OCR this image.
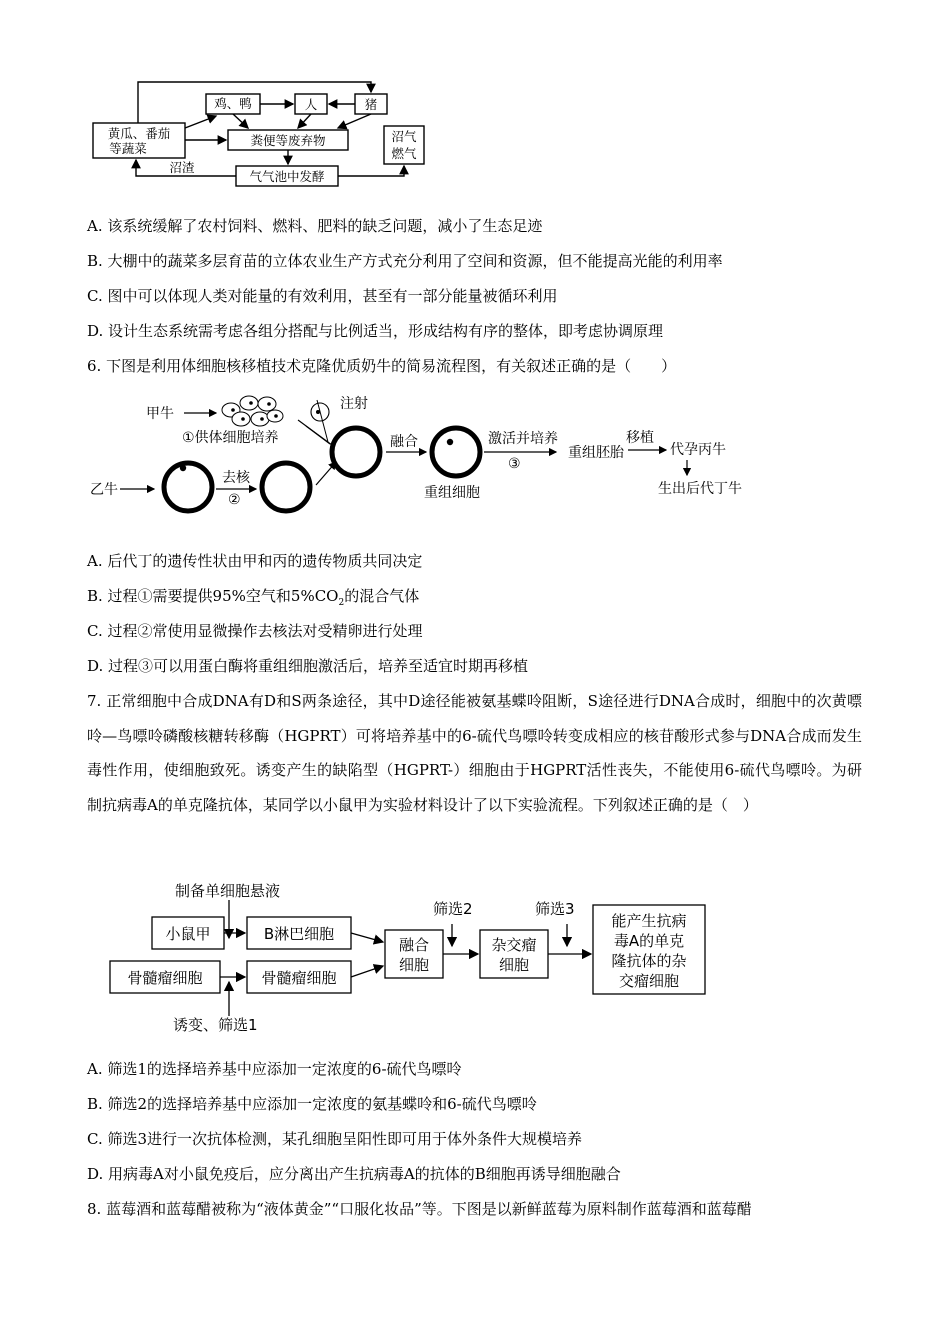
鸡、鸭	人	猪
黄瓜、番茄
等蔬菜
粪便等废弃物	沼气
燃气
沼渣
气气池中发酵
A. 该系统缓解了农村饲料、燃料、肥料的缺乏问题，减小了生态足迹
B. 大棚中的蔬菜多层育苗的立体农业生产方式充分利用了空间和资源，但不能提高光能的利用率
C. 图中可以体现人类对能量的有效利用，甚至有一部分能量被循环利用
D. 设计生态系统需考虑各组分搭配与比例适当，形成结构有序的整体，即考虑协调原理
6. 下图是利用体细胞核移植技术克隆优质奶牛的简易流程图，有关叙述正确的是（　　）
甲牛
①供体细胞培养
注射
乙牛
去核
②
融合
重组细胞
激活并培养
③
重组胚胎
移植
代孕丙牛
生出后代丁牛
A. 后代丁的遗传性状由甲和丙的遗传物质共同决定
B. 过程①需要提供95%空气和$5\%CO_2$的混合气体
C. 过程②常使用显微操作去核法对受精卵进行处理
D. 过程③可以用蛋白酶将重组细胞激活后，培养至适宜时期再移植
7. 正常细胞中合成DNA有D和S两条途径，其中D途径能被氨基蝶呤阻断，S途径进行DNA合成时，细胞中的次黄嘌呤—鸟嘌呤磷酸核糖转移酶（HGPRT）可将培养基中的6-硫代鸟嘌呤转变成相应的核苷酸形式参与DNA合成而发生毒性作用，使细胞致死。诱变产生的缺陷型（HGPRT-）细胞由于HGPRT活性丧失，不能使用6-硫代鸟嘌呤。为研制抗病毒A的单克隆抗体，某同学以小鼠甲为实验材料设计了以下实验流程。下列叙述正确的是（　）
制备单细胞悬液
小鼠甲	B淋巴细胞
骨髓瘤细胞	骨髓瘤细胞
诱变、筛选1
融合
细胞
筛选2
杂交瘤
细胞
筛选3
能产生抗病
毒A的单克
隆抗体的杂
交瘤细胞
A. 筛选1的选择培养基中应添加一定浓度的6-硫代鸟嘌呤
B. 筛选2的选择培养基中应添加一定浓度的氨基蝶呤和6-硫代鸟嘌呤
C. 筛选3进行一次抗体检测，某孔细胞呈阳性即可用于体外条件大规模培养
D. 用病毒A对小鼠免疫后，应分离出产生抗病毒A的抗体的B细胞再诱导细胞融合
8. 蓝莓酒和蓝莓醋被称为“液体黄金”“口服化妆品”等。下图是以新鲜蓝莓为原料制作蓝莓酒和蓝莓醋
